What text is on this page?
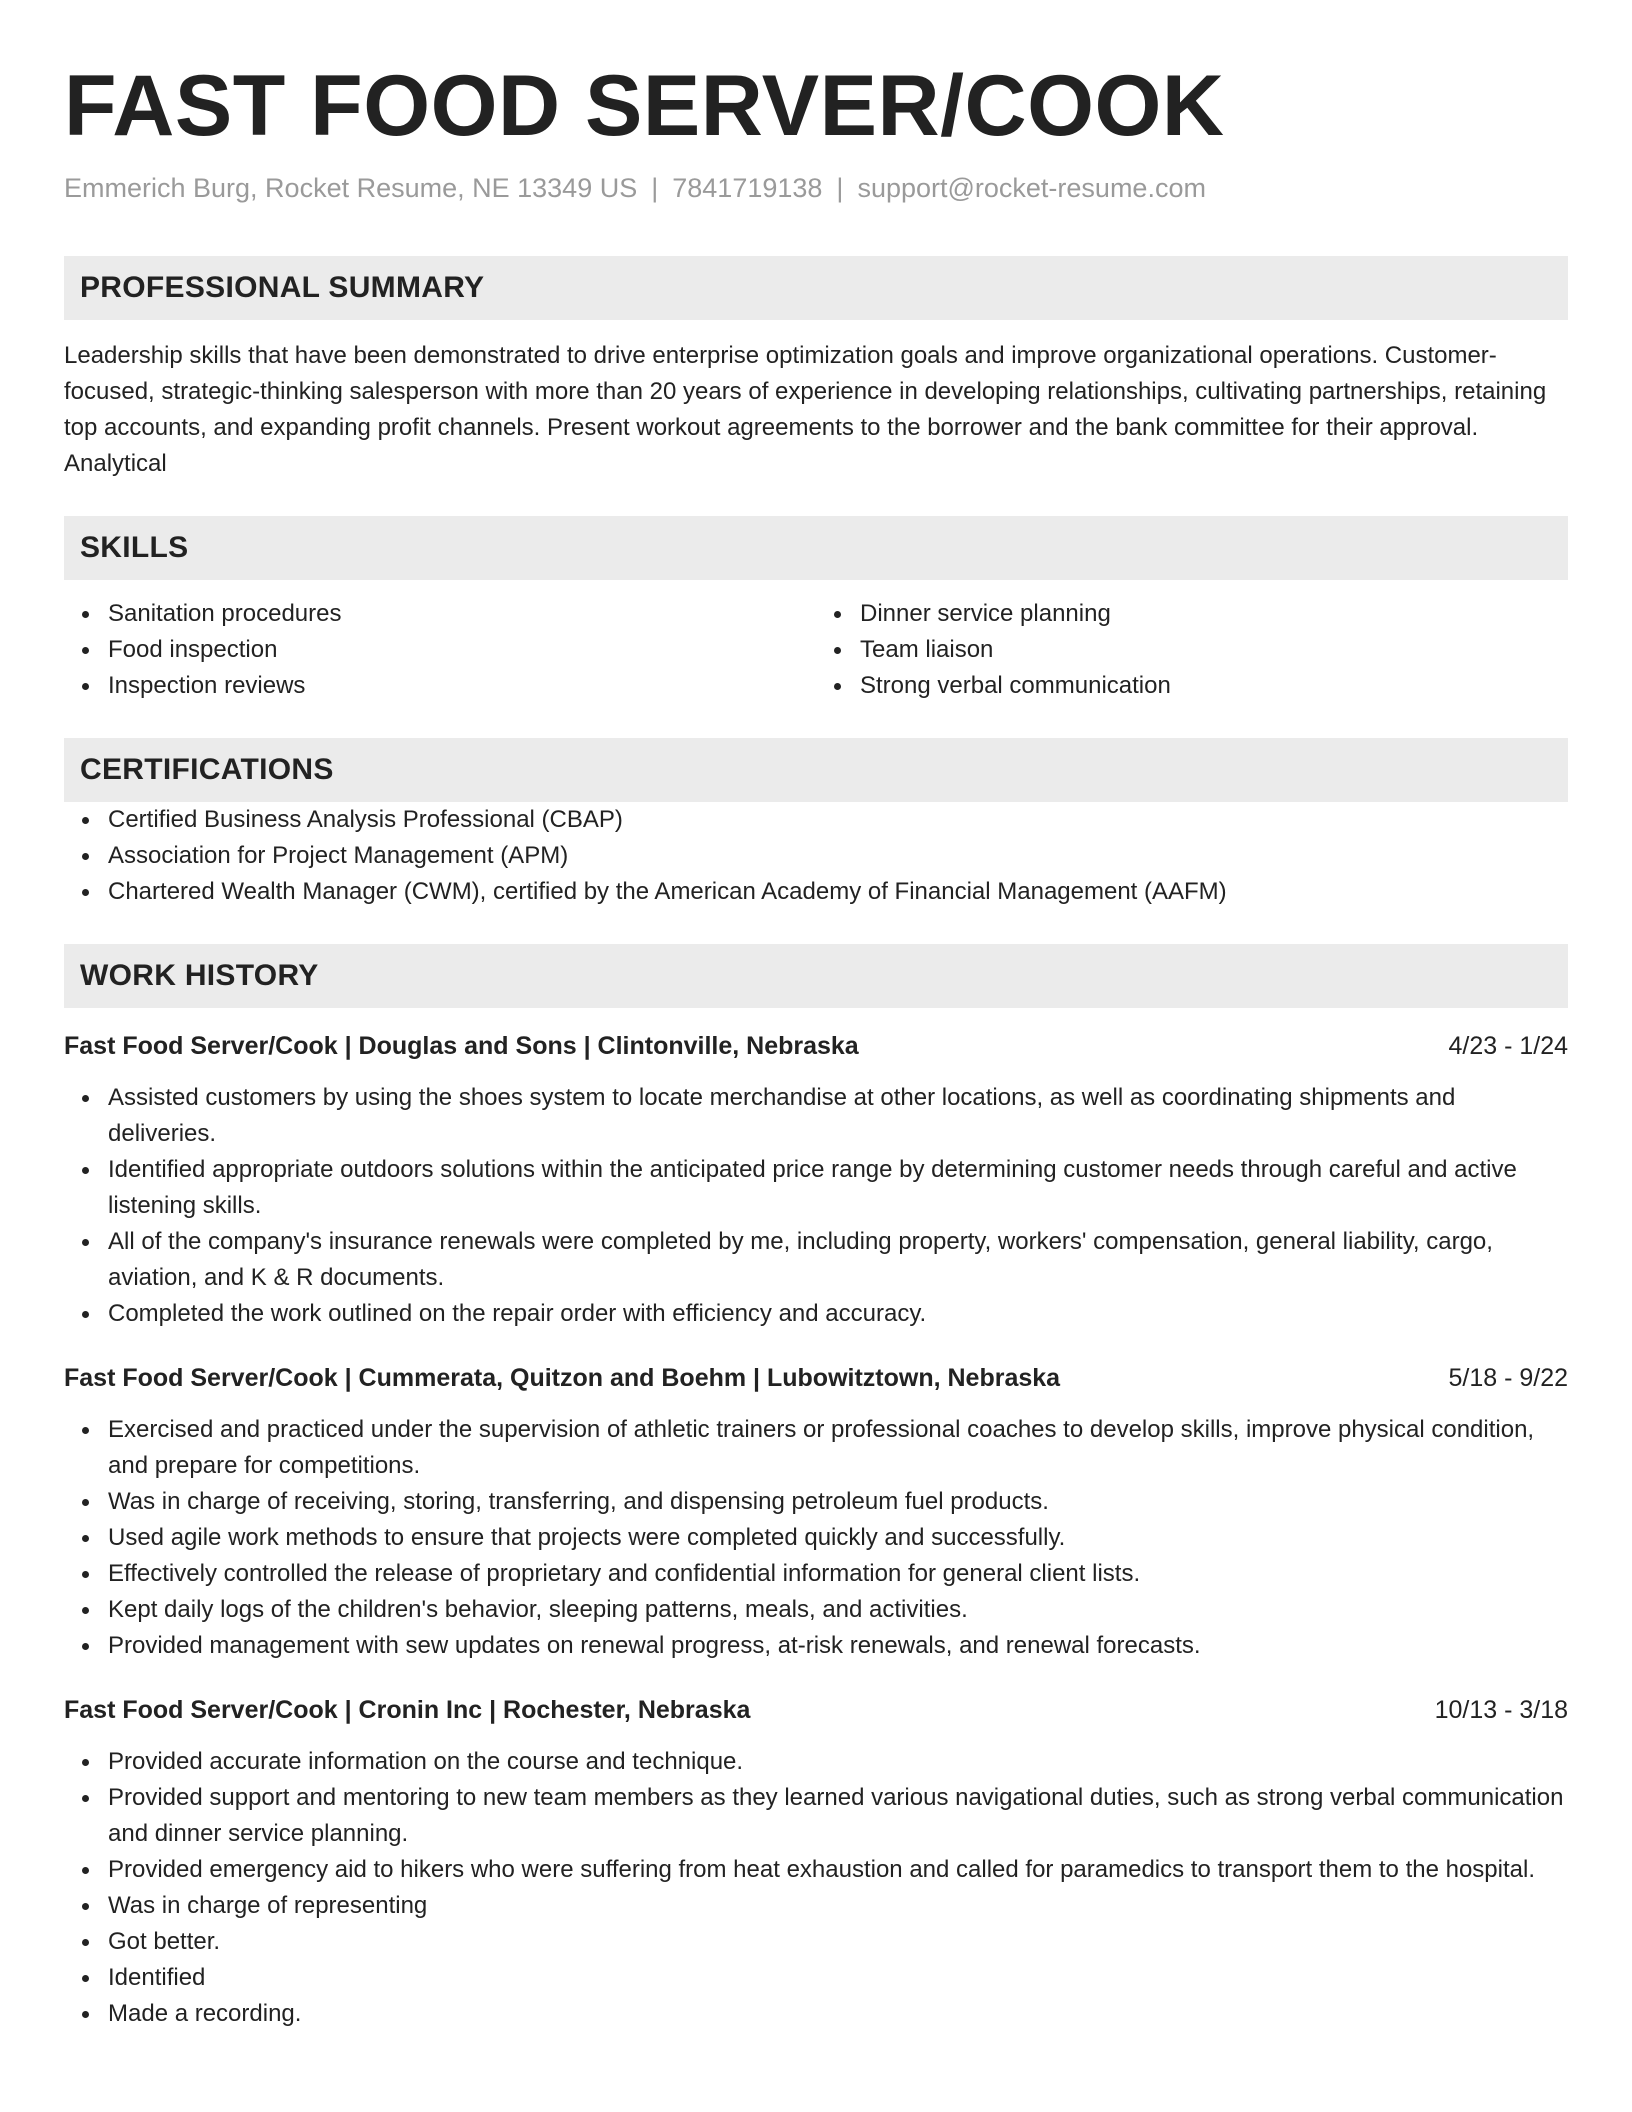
FAST FOOD SERVER/COOK
Emmerich Burg, Rocket Resume, NE 13349 US | 7841719138 | support@rocket-resume.com
PROFESSIONAL SUMMARY
Leadership skills that have been demonstrated to drive enterprise optimization goals and improve organizational operations. Customer-focused, strategic-thinking salesperson with more than 20 years of experience in developing relationships, cultivating partnerships, retaining top accounts, and expanding profit channels. Present workout agreements to the borrower and the bank committee for their approval. Analytical
SKILLS
Sanitation procedures
Food inspection
Inspection reviews
Dinner service planning
Team liaison
Strong verbal communication
CERTIFICATIONS
Certified Business Analysis Professional (CBAP)
Association for Project Management (APM)
Chartered Wealth Manager (CWM), certified by the American Academy of Financial Management (AAFM)
WORK HISTORY
Fast Food Server/Cook | Douglas and Sons | Clintonville, Nebraska	4/23 - 1/24
Assisted customers by using the shoes system to locate merchandise at other locations, as well as coordinating shipments and deliveries.
Identified appropriate outdoors solutions within the anticipated price range by determining customer needs through careful and active listening skills.
All of the company's insurance renewals were completed by me, including property, workers' compensation, general liability, cargo, aviation, and K & R documents.
Completed the work outlined on the repair order with efficiency and accuracy.
Fast Food Server/Cook | Cummerata, Quitzon and Boehm | Lubowitztown, Nebraska	5/18 - 9/22
Exercised and practiced under the supervision of athletic trainers or professional coaches to develop skills, improve physical condition, and prepare for competitions.
Was in charge of receiving, storing, transferring, and dispensing petroleum fuel products.
Used agile work methods to ensure that projects were completed quickly and successfully.
Effectively controlled the release of proprietary and confidential information for general client lists.
Kept daily logs of the children's behavior, sleeping patterns, meals, and activities.
Provided management with sew updates on renewal progress, at-risk renewals, and renewal forecasts.
Fast Food Server/Cook | Cronin Inc | Rochester, Nebraska	10/13 - 3/18
Provided accurate information on the course and technique.
Provided support and mentoring to new team members as they learned various navigational duties, such as strong verbal communication and dinner service planning.
Provided emergency aid to hikers who were suffering from heat exhaustion and called for paramedics to transport them to the hospital.
Was in charge of representing
Got better.
Identified
Made a recording.
